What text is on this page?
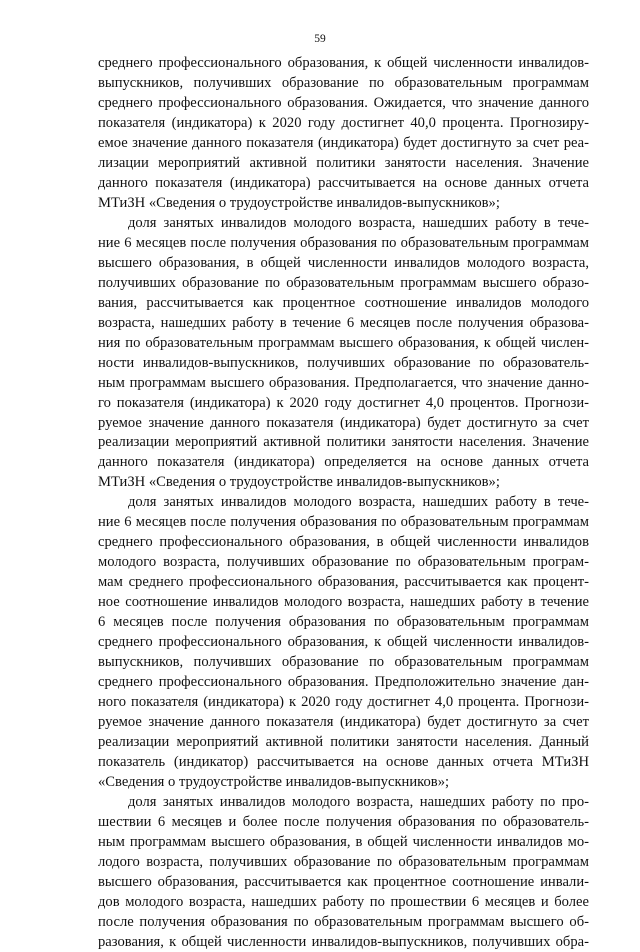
59
среднего профессионального образования, к общей численности инвалидов-
выпускников, получивших образование по образовательным программам
среднего профессионального образования. Ожидается, что значение данного
показателя (индикатора) к 2020 году достигнет 40,0 процента. Прогнозиру-
емое значение данного показателя (индикатора) будет достигнуто за счет реа-
лизации мероприятий активной политики занятости населения. Значение
данного показателя (индикатора) рассчитывается на основе данных отчета
МТиЗН «Сведения о трудоустройстве инвалидов-выпускников»;
доля занятых инвалидов молодого возраста, нашедших работу в тече-
ние 6 месяцев после получения образования по образовательным программам
высшего образования, в общей численности инвалидов молодого возраста,
получивших образование по образовательным программам высшего образо-
вания, рассчитывается как процентное соотношение инвалидов молодого
возраста, нашедших работу в течение 6 месяцев после получения образова-
ния по образовательным программам высшего образования, к общей числен-
ности инвалидов-выпускников, получивших образование по образователь-
ным программам высшего образования. Предполагается, что значение данно-
го показателя (индикатора) к 2020 году достигнет 4,0 процентов. Прогнози-
руемое значение данного показателя (индикатора) будет достигнуто за счет
реализации мероприятий активной политики занятости населения. Значение
данного показателя (индикатора) определяется на основе данных отчета
МТиЗН «Сведения о трудоустройстве инвалидов-выпускников»;
доля занятых инвалидов молодого возраста, нашедших работу в тече-
ние 6 месяцев после получения образования по образовательным программам
среднего профессионального образования, в общей численности инвалидов
молодого возраста, получивших образование по образовательным програм-
мам среднего профессионального образования, рассчитывается как процент-
ное соотношение инвалидов молодого возраста, нашедших работу в течение
6 месяцев после получения образования по образовательным программам
среднего профессионального образования, к общей численности инвалидов-
выпускников, получивших образование по образовательным программам
среднего профессионального образования. Предположительно значение дан-
ного показателя (индикатора) к 2020 году достигнет 4,0 процента. Прогнози-
руемое значение данного показателя (индикатора) будет достигнуто за счет
реализации мероприятий активной политики занятости населения. Данный
показатель (индикатор) рассчитывается на основе данных отчета МТиЗН
«Сведения о трудоустройстве инвалидов-выпускников»;
доля занятых инвалидов молодого возраста, нашедших работу по про-
шествии 6 месяцев и более после получения образования по образователь-
ным программам высшего образования, в общей численности инвалидов мо-
лодого возраста, получивших образование по образовательным программам
высшего образования, рассчитывается как процентное соотношение инвали-
дов молодого возраста, нашедших работу по прошествии 6 месяцев и более
после получения образования по образовательным программам высшего об-
разования, к общей численности инвалидов-выпускников, получивших обра-
